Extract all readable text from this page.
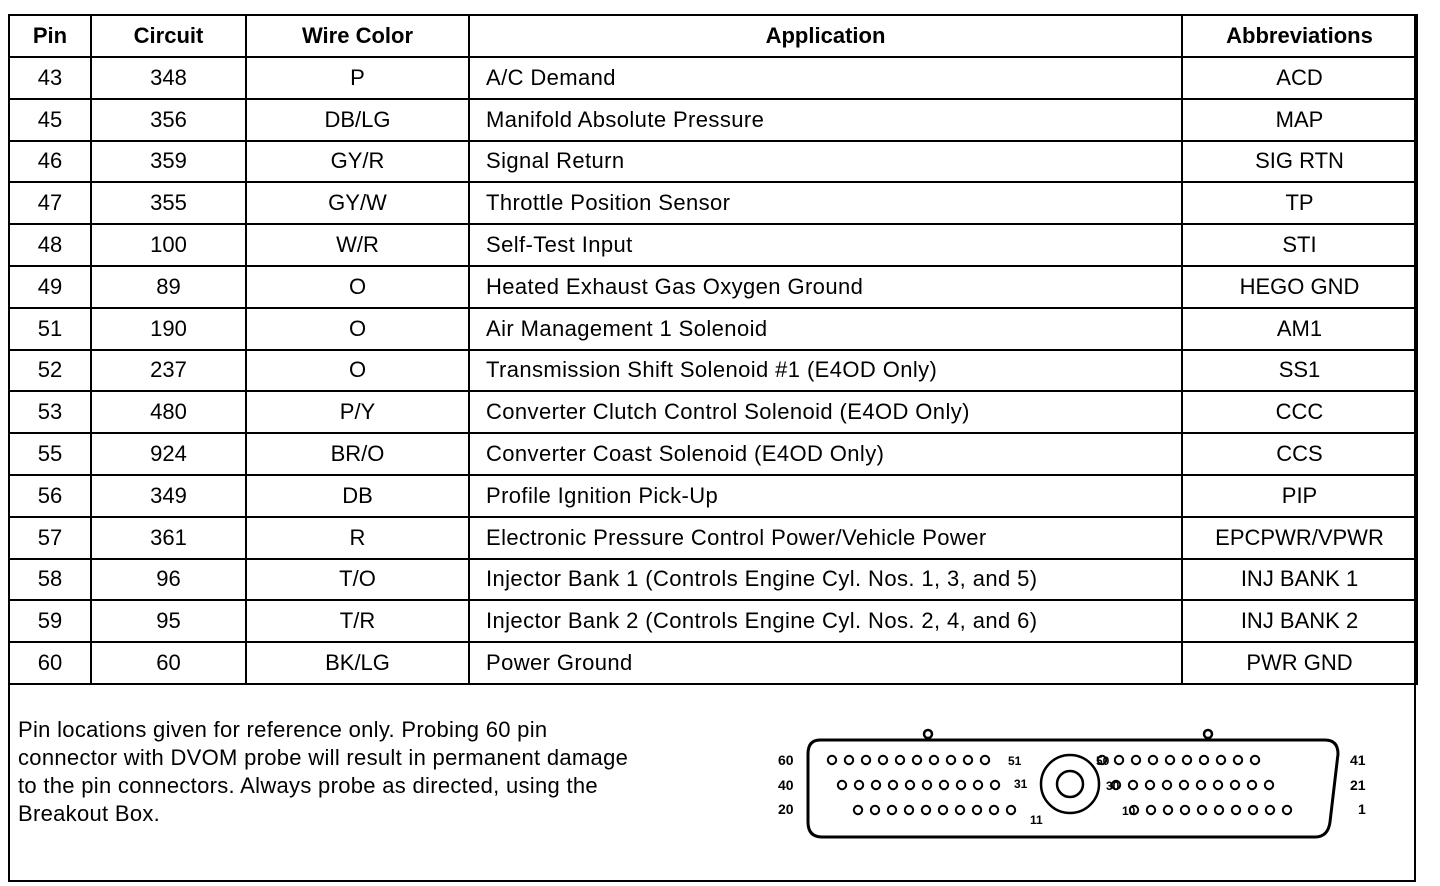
Pin	Circuit	Wire Color	Application	Abbreviations
43	348	P	A/C Demand	ACD
45	356	DB/LG	Manifold Absolute Pressure	MAP
46	359	GY/R	Signal Return	SIG RTN
47	355	GY/W	Throttle Position Sensor	TP
48	100	W/R	Self-Test Input	STI
49	89	O	Heated Exhaust Gas Oxygen Ground	HEGO GND
51	190	O	Air Management 1 Solenoid	AM1
52	237	O	Transmission Shift Solenoid #1 (E4OD Only)	SS1
53	480	P/Y	Converter Clutch Control Solenoid (E4OD Only)	CCC
55	924	BR/O	Converter Coast Solenoid (E4OD Only)	CCS
56	349	DB	Profile Ignition Pick-Up	PIP
57	361	R	Electronic Pressure Control Power/Vehicle Power	EPCPWR/VPWR
58	96	T/O	Injector Bank 1 (Controls Engine Cyl. Nos. 1, 3, and 5)	INJ BANK 1
59	95	T/R	Injector Bank 2 (Controls Engine Cyl. Nos. 2, 4, and 6)	INJ BANK 2
60	60	BK/LG	Power Ground	PWR GND
Pin locations given for reference only. Probing 60 pin
connector with DVOM probe will result in permanent damage
to the pin connectors. Always probe as directed, using the
Breakout Box.
60
40
20
41
21
1
51
31
11
50
30
10
